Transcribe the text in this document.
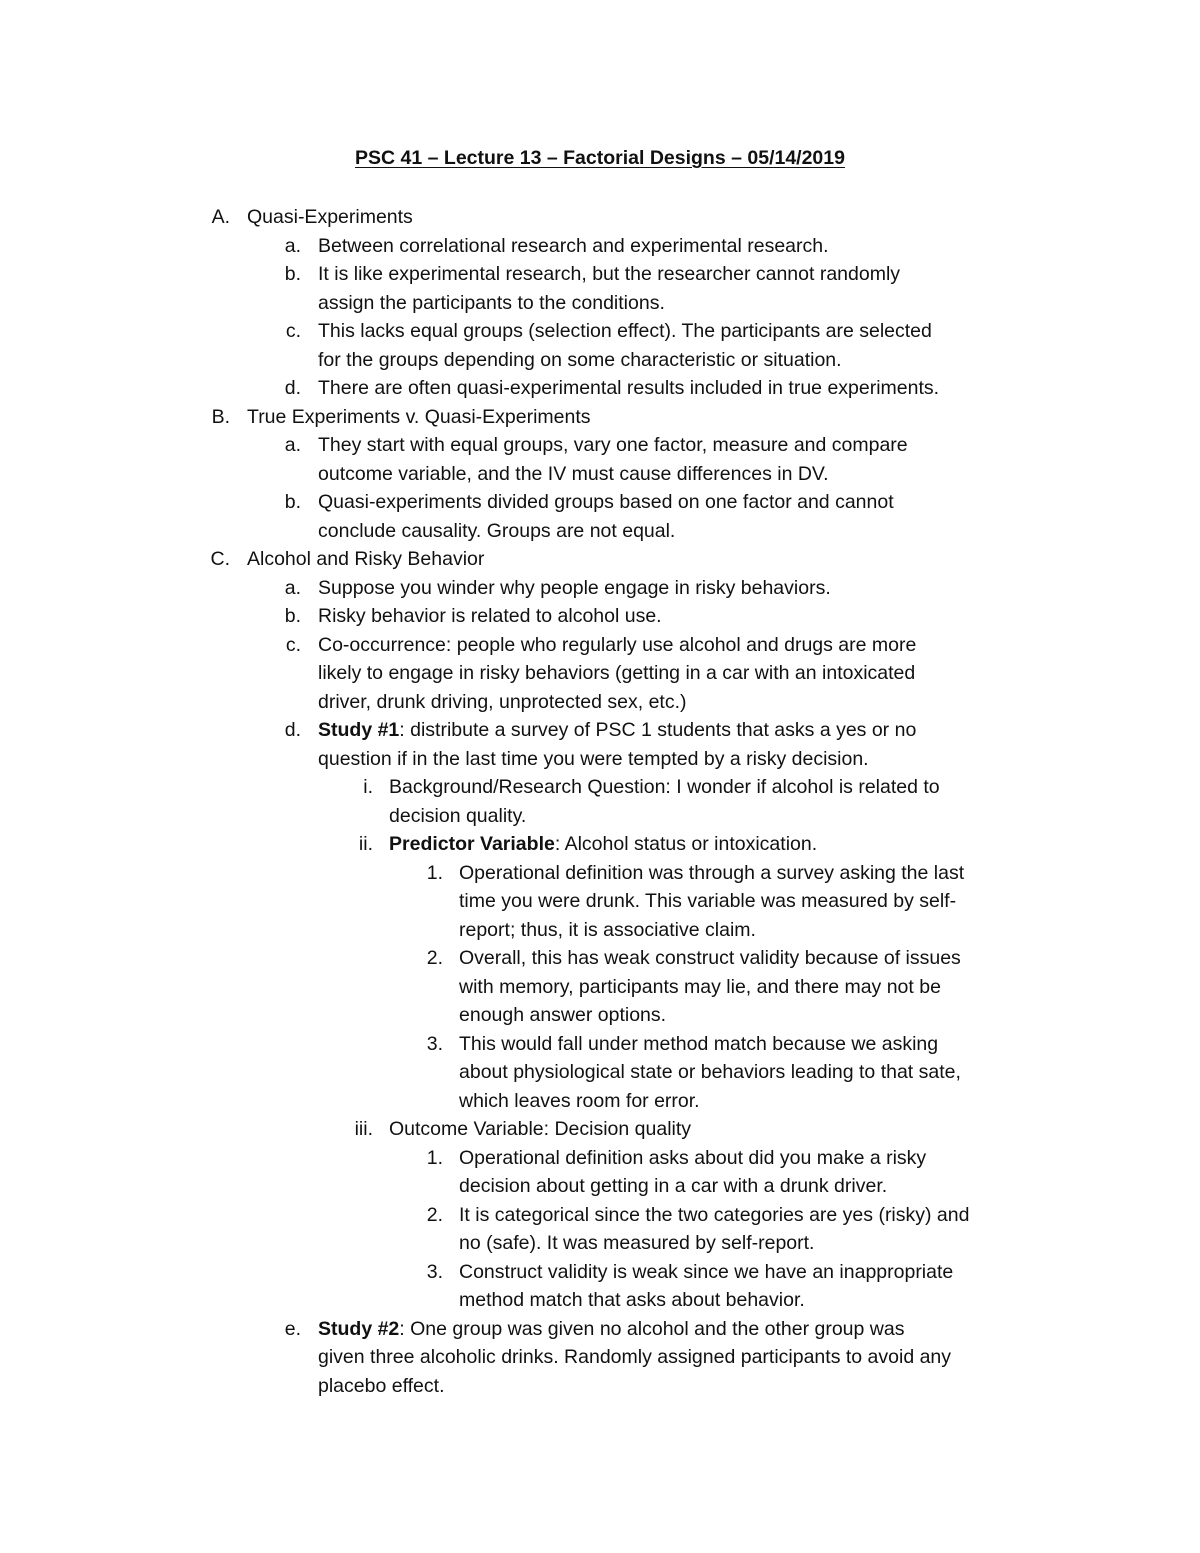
PSC 41 – Lecture 13 – Factorial Designs – 05/14/2019
A. Quasi-Experiments
a. Between correlational research and experimental research.
b. It is like experimental research, but the researcher cannot randomly
assign the participants to the conditions.
c. This lacks equal groups (selection effect). The participants are selected
for the groups depending on some characteristic or situation.
d. There are often quasi-experimental results included in true experiments.
B. True Experiments v. Quasi-Experiments
a. They start with equal groups, vary one factor, measure and compare
outcome variable, and the IV must cause differences in DV.
b. Quasi-experiments divided groups based on one factor and cannot
conclude causality. Groups are not equal.
C. Alcohol and Risky Behavior
a. Suppose you winder why people engage in risky behaviors.
b. Risky behavior is related to alcohol use.
c. Co-occurrence: people who regularly use alcohol and drugs are more
likely to engage in risky behaviors (getting in a car with an intoxicated
driver, drunk driving, unprotected sex, etc.)
d. Study #1: distribute a survey of PSC 1 students that asks a yes or no
question if in the last time you were tempted by a risky decision.
i. Background/Research Question: I wonder if alcohol is related to
decision quality.
ii. Predictor Variable: Alcohol status or intoxication.
1. Operational definition was through a survey asking the last
time you were drunk. This variable was measured by self-
report; thus, it is associative claim.
2. Overall, this has weak construct validity because of issues
with memory, participants may lie, and there may not be
enough answer options.
3. This would fall under method match because we asking
about physiological state or behaviors leading to that sate,
which leaves room for error.
iii. Outcome Variable: Decision quality
1. Operational definition asks about did you make a risky
decision about getting in a car with a drunk driver.
2. It is categorical since the two categories are yes (risky) and
no (safe). It was measured by self-report.
3. Construct validity is weak since we have an inappropriate
method match that asks about behavior.
e. Study #2: One group was given no alcohol and the other group was
given three alcoholic drinks. Randomly assigned participants to avoid any
placebo effect.
